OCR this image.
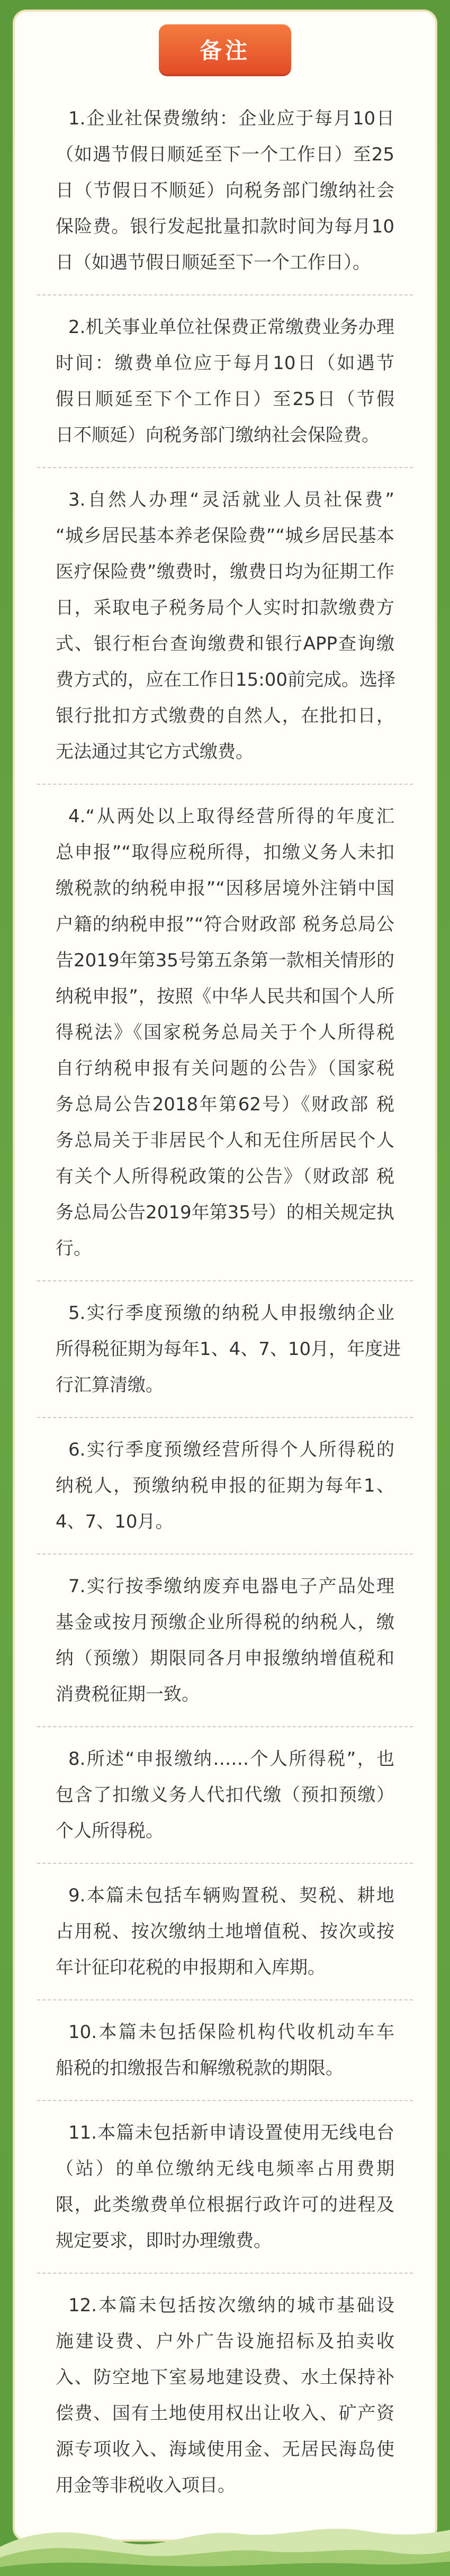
备注
1.企业社保费缴纳：企业应于每月10日
（如遇节假日顺延至下一个工作日）至25
日（节假日不顺延）向税务部门缴纳社会
保险费。银行发起批量扣款时间为每月10
日（如遇节假日顺延至下一个工作日）。
2.机关事业单位社保费正常缴费业务办理
时间：缴费单位应于每月10日（如遇节
假日顺延至下个工作日）至25日（节假
日不顺延）向税务部门缴纳社会保险费。
3.自然人办理“灵活就业人员社保费”
“城乡居民基本养老保险费”“城乡居民基本
医疗保险费”缴费时，缴费日均为征期工作
日，采取电子税务局个人实时扣款缴费方
式、银行柜台查询缴费和银行APP查询缴
费方式的，应在工作日15:00前完成。选择
银行批扣方式缴费的自然人，在批扣日，
无法通过其它方式缴费。
4.“从两处以上取得经营所得的年度汇
总申报”“取得应税所得，扣缴义务人未扣
缴税款的纳税申报”“因移居境外注销中国
户籍的纳税申报”“符合财政部 税务总局公
告2019年第35号第五条第一款相关情形的
纳税申报”，按照《中华人民共和国个人所
得税法》《国家税务总局关于个人所得税
自行纳税申报有关问题的公告》（国家税
务总局公告2018年第62号）《财政部 税
务总局关于非居民个人和无住所居民个人
有关个人所得税政策的公告》（财政部 税
务总局公告2019年第35号）的相关规定执
行。
5.实行季度预缴的纳税人申报缴纳企业
所得税征期为每年1、4、7、10月，年度进
行汇算清缴。
6.实行季度预缴经营所得个人所得税的
纳税人，预缴纳税申报的征期为每年1、
4、7、10月。
7.实行按季缴纳废弃电器电子产品处理
基金或按月预缴企业所得税的纳税人，缴
纳（预缴）期限同各月申报缴纳增值税和
消费税征期一致。
8.所述“申报缴纳……个人所得税”，也
包含了扣缴义务人代扣代缴（预扣预缴）
个人所得税。
9.本篇未包括车辆购置税、契税、耕地
占用税、按次缴纳土地增值税、按次或按
年计征印花税的申报期和入库期。
10.本篇未包括保险机构代收机动车车
船税的扣缴报告和解缴税款的期限。
11.本篇未包括新申请设置使用无线电台
（站）的单位缴纳无线电频率占用费期
限，此类缴费单位根据行政许可的进程及
规定要求，即时办理缴费。
12.本篇未包括按次缴纳的城市基础设
施建设费、户外广告设施招标及拍卖收
入、防空地下室易地建设费、水土保持补
偿费、国有土地使用权出让收入、矿产资
源专项收入、海域使用金、无居民海岛使
用金等非税收入项目。
